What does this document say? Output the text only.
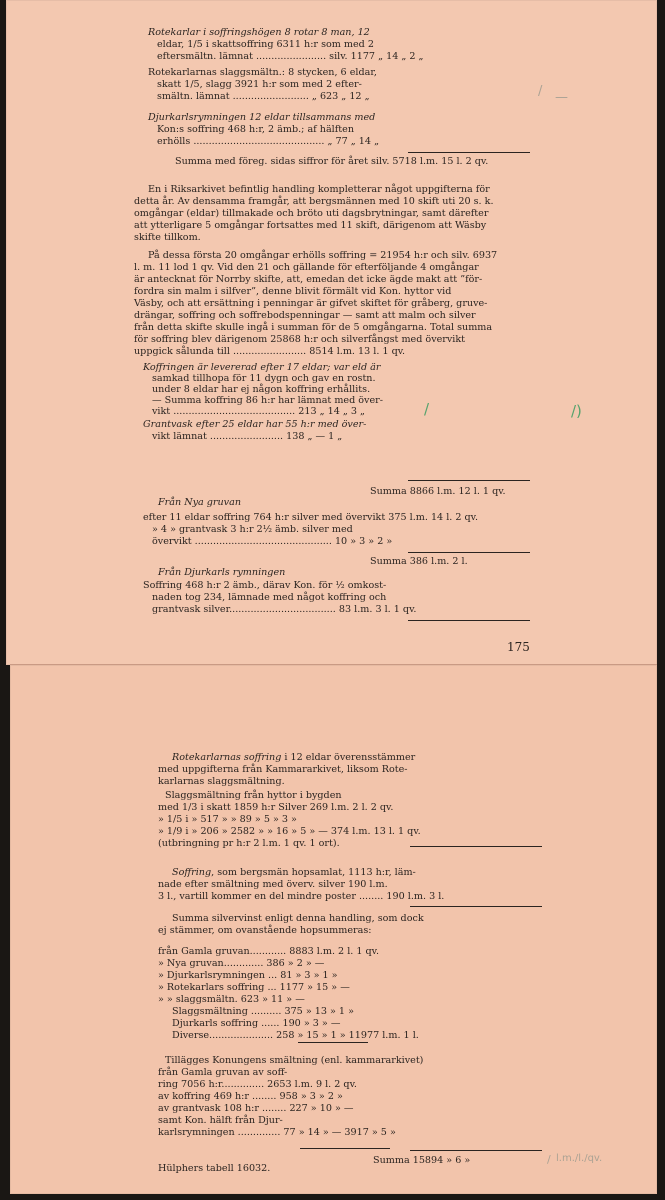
Rotekarlar i soffringshögen 8 rotar 8 man, 12
eldar, 1/5 i skattsoffring 6311 h:r som med 2
eftersmältn. lämnat ....................... silv. 1177 „ 14 „ 2 „
Rotekarlarnas slaggsmältn.: 8 stycken, 6 eldar,
skatt 1/5, slagg 3921 h:r som med 2 efter-
smältn. lämnat ......................... „ 623 „ 12 „
Djurkarlsrymningen 12 eldar tillsammans med
Kon:s soffring 468 h:r, 2 ämb.; af hälften
erhölls ........................................... „ 77 „ 14 „
Summa med föreg. sidas siffror för året silv. 5718 l.m. 15 l. 2 qv.
En i Riksarkivet befintlig handling kompletterar något uppgifterna för
detta år. Av densamma framgår, att bergsmännen med 10 skift uti 20 s. k.
omgångar (eldar) tillmakade och bröto uti dagsbrytningar, samt därefter
att ytterligare 5 omgångar fortsattes med 11 skift, därigenom att Wäsby
skifte tillkom.
På dessa första 20 omgångar erhölls soffring = 21954 h:r och silv. 6937
l. m. 11 lod 1 qv. Vid den 21 och gällande för efterföljande 4 omgångar
är antecknat för Norrby skifte, att, emedan det icke ägde makt att ”för-
fordra sin malm i silfver”, denne blivit förmält vid Kon. hyttor vid
Väsby, och att ersättning i penningar är gifvet skiftet för gråberg, gruve-
drängar, soffring och soffrebodspenningar — samt att malm och silver
från detta skifte skulle ingå i summan för de 5 omgångarna. Total summa
för soffring blev därigenom 25868 h:r och silverfångst med övervikt
uppgick sålunda till ........................ 8514 l.m. 13 l. 1 qv.
Koffringen är levererad efter 17 eldar; var eld är
samkad tillhopa för 11 dygn och gav en rostn.
under 8 eldar har ej någon koffring erhållits.
— Summa koffring 86 h:r har lämnat med över-
vikt ........................................ 213 „ 14 „ 3 „
Grantvask efter 25 eldar har 55 h:r med över-
vikt lämnat ........................ 138 „ — 1 „
Summa 8866 l.m. 12 l. 1 qv.
Från Nya gruvan
efter 11 eldar soffring 764 h:r silver med övervikt 375 l.m. 14 l. 2 qv.
» 4 » grantvask 3 h:r 2½ ämb. silver med
övervikt ............................................. 10 » 3 » 2 »
Summa 386 l.m. 2 l.
Från Djurkarls rymningen
Soffring 468 h:r 2 ämb., därav Kon. för ½ omkost-
naden tog 234, lämnade med något koffring och
grantvask silver................................... 83 l.m. 3 l. 1 qv.
Rotekarlarnas soffring i 12 eldar överensstämmer
med uppgifterna från Kammararkivet, liksom Rote-
karlarnas slaggsmältning.
Slaggsmältning från hyttor i bygden
med 1/3 i skatt 1859 h:r Silver 269 l.m. 2 l. 2 qv.
» 1/5 i » 517 » » 89 » 5 » 3 »
» 1/9 i » 206 » 2582 » » 16 » 5 » — 374 l.m. 13 l. 1 qv.
(utbringning pr h:r 2 l.m. 1 qv. 1 ort).
Soffring, som bergsmän hopsamlat, 1113 h:r, läm-
nade efter smältning med överv. silver 190 l.m.
3 l., vartill kommer en del mindre poster ........ 190 l.m. 3 l.
Summa silvervinst enligt denna handling, som dock
ej stämmer, om ovanstående hopsummeras:
från Gamla gruvan............ 8883 l.m. 2 l. 1 qv.
» Nya gruvan............. 386 » 2 » —
» Djurkarlsrymningen ... 81 » 3 » 1 »
» Rotekarlars soffring ... 1177 » 15 » —
» » slaggsmältn. 623 » 11 » —
Slaggsmältning .......... 375 » 13 » 1 »
Djurkarls soffring ...... 190 » 3 » —
Diverse..................... 258 » 15 » 1 » 11977 l.m. 1 l.
Tillägges Konungens smältning (enl. kammararkivet)
från Gamla gruvan av soff-
ring 7056 h:r.............. 2653 l.m. 9 l. 2 qv.
av koffring 469 h:r ........ 958 » 3 » 2 »
av grantvask 108 h:r ........ 227 » 10 » —
samt Kon. hälft från Djur-
karlsrymningen .............. 77 » 14 » — 3917 » 5 »
Summa 15894 » 6 »
Hülphers tabell 16032.
/ —
/	/)
/ l.m./l./qv.
175
